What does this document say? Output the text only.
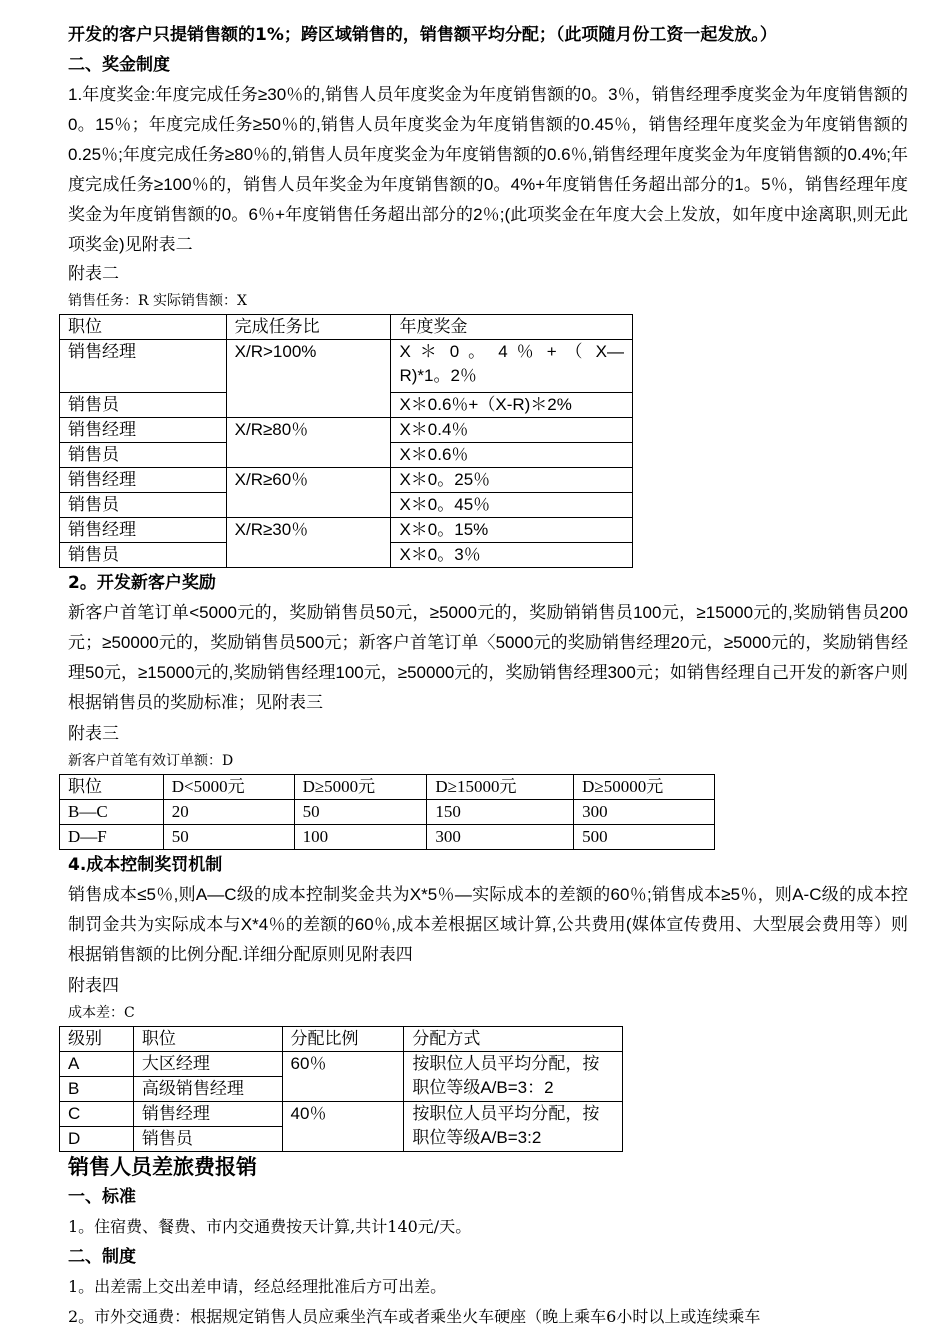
开发的客户只提销售额的1%；跨区域销售的，销售额平均分配；（此项随月份工资一起发放。）
二、奖金制度
1.年度奖金:年度完成任务≥30％的,销售人员年度奖金为年度销售额的0。3％，销售经理季度奖金为年度销售额的0。15％；年度完成任务≥50％的,销售人员年度奖金为年度销售额的0.45％，销售经理年度奖金为年度销售额的0.25％;年度完成任务≥80％的,销售人员年度奖金为年度销售额的0.6％,销售经理年度奖金为年度销售额的0.4%;年度完成任务≥100％的，销售人员年奖金为年度销售额的0。4%+年度销售任务超出部分的1。5％，销售经理年度奖金为年度销售额的0。6％+年度销售任务超出部分的2％;(此项奖金在年度大会上发放，如年度中途离职,则无此项奖金)见附表二
附表二
销售任务：R 实际销售额：X
职位	完成任务比	年度奖金
销售经理	X/R>100%	X ＊ 0 。 4 ％ + （ X—R)*1。2％
销售员		X＊0.6％+（X-R)＊2%
销售经理	X/R≥80％	X＊0.4％
销售员		X＊0.6％
销售经理	X/R≥60％	X＊0。25％
销售员		X＊0。45％
销售经理	X/R≥30％	X＊0。15%
销售员		X＊0。3％
2。开发新客户奖励
新客户首笔订单<5000元的，奖励销售员50元，≥5000元的，奖励销销售员100元，≥15000元的,奖励销售员200元；≥50000元的，奖励销售员500元；新客户首笔订单〈5000元的奖励销售经理20元，≥5000元的，奖励销售经理50元，≥15000元的,奖励销售经理100元，≥50000元的，奖励销售经理300元；如销售经理自己开发的新客户则根据销售员的奖励标准；见附表三
附表三
新客户首笔有效订单额：D
职位	D<5000元	D≥5000元	D≥15000元	D≥50000元
B—C	20	50	150	300
D—F	50	100	300	500
4.成本控制奖罚机制
销售成本≤5％,则A—C级的成本控制奖金共为X*5％—实际成本的差额的60％;销售成本≥5％，则A-C级的成本控制罚金共为实际成本与X*4％的差额的60％,成本差根据区域计算,公共费用(媒体宣传费用、大型展会费用等）则根据销售额的比例分配.详细分配原则见附表四
附表四
成本差：C
级别	职位	分配比例	分配方式
A	大区经理	60％	按职位人员平均分配，按职位等级A/B=3：2
B	高级销售经理		
C	销售经理	40％	按职位人员平均分配，按职位等级A/B=3:2
D	销售员		
销售人员差旅费报销
一、标准
1。住宿费、餐费、市内交通费按天计算,共计140元/天。
二、制度
1。出差需上交出差申请，经总经理批准后方可出差。
2。市外交通费：根据规定销售人员应乘坐汽车或者乘坐火车硬座（晚上乘车6小时以上或连续乘车
